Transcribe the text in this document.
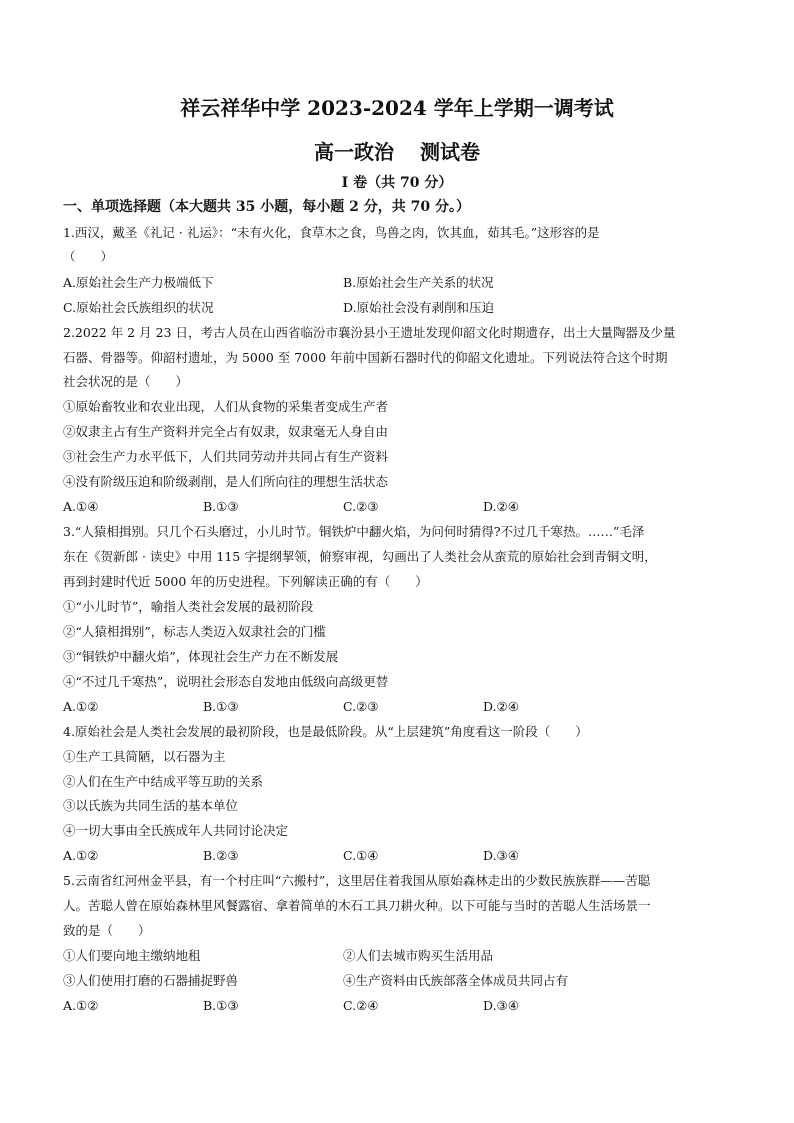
祥云祥华中学 2023-2024 学年上学期一调考试
高一政治 测试卷
I 卷（共 70 分）
一、单项选择题（本大题共 35 小题，每小题 2 分，共 70 分。）
1.西汉，戴圣《礼记 · 礼运》：“未有火化，食草木之食，鸟兽之肉，饮其血，茹其毛。”这形容的是
（　　）
A.原始社会生产力极端低下	B.原始社会生产关系的状况
C.原始社会氏族组织的状况	D.原始社会没有剥削和压迫
2.2022 年 2 月 23 日，考古人员在山西省临汾市襄汾县小王遗址发现仰韶文化时期遗存，出土大量陶器及少量
石器、骨器等。仰韶村遗址，为 5000 至 7000 年前中国新石器时代的仰韶文化遗址。下列说法符合这个时期
社会状况的是（　　）
①原始畜牧业和农业出现，人们从食物的采集者变成生产者
②奴隶主占有生产资料并完全占有奴隶，奴隶毫无人身自由
③社会生产力水平低下，人们共同劳动并共同占有生产资料
④没有阶级压迫和阶级剥削，是人们所向往的理想生活状态
A.①④	B.①③	C.②③	D.②④
3.“人猿相揖别。只几个石头磨过，小儿时节。铜铁炉中翻火焰，为问何时猜得?不过几千寒热。……”毛泽
东在《贺新郎 · 读史》中用 115 字提纲挈领，俯察审视，勾画出了人类社会从蛮荒的原始社会到青铜文明，
再到封建时代近 5000 年的历史进程。下列解读正确的有（　　）
①“小儿时节”，喻指人类社会发展的最初阶段
②“人猿相揖别”，标志人类迈入奴隶社会的门槛
③“铜铁炉中翻火焰”，体现社会生产力在不断发展
④“不过几千寒热”，说明社会形态自发地由低级向高级更替
A.①②	B.①③	C.②③	D.②④
4.原始社会是人类社会发展的最初阶段，也是最低阶段。从“上层建筑”角度看这一阶段（　　）
①生产工具简陋，以石器为主
②人们在生产中结成平等互助的关系
③以氏族为共同生活的基本单位
④一切大事由全氏族成年人共同讨论决定
A.①②	B.②③	C.①④	D.③④
5.云南省红河州金平县，有一个村庄叫“六搬村”，这里居住着我国从原始森林走出的少数民族族群——苦聪
人。苦聪人曾在原始森林里风餐露宿、拿着简单的木石工具刀耕火种。以下可能与当时的苦聪人生活场景一
致的是（　　）
①人们要向地主缴纳地租	②人们去城市购买生活用品
③人们使用打磨的石器捕捉野兽	④生产资料由氏族部落全体成员共同占有
A.①②	B.①③	C.②④	D.③④
